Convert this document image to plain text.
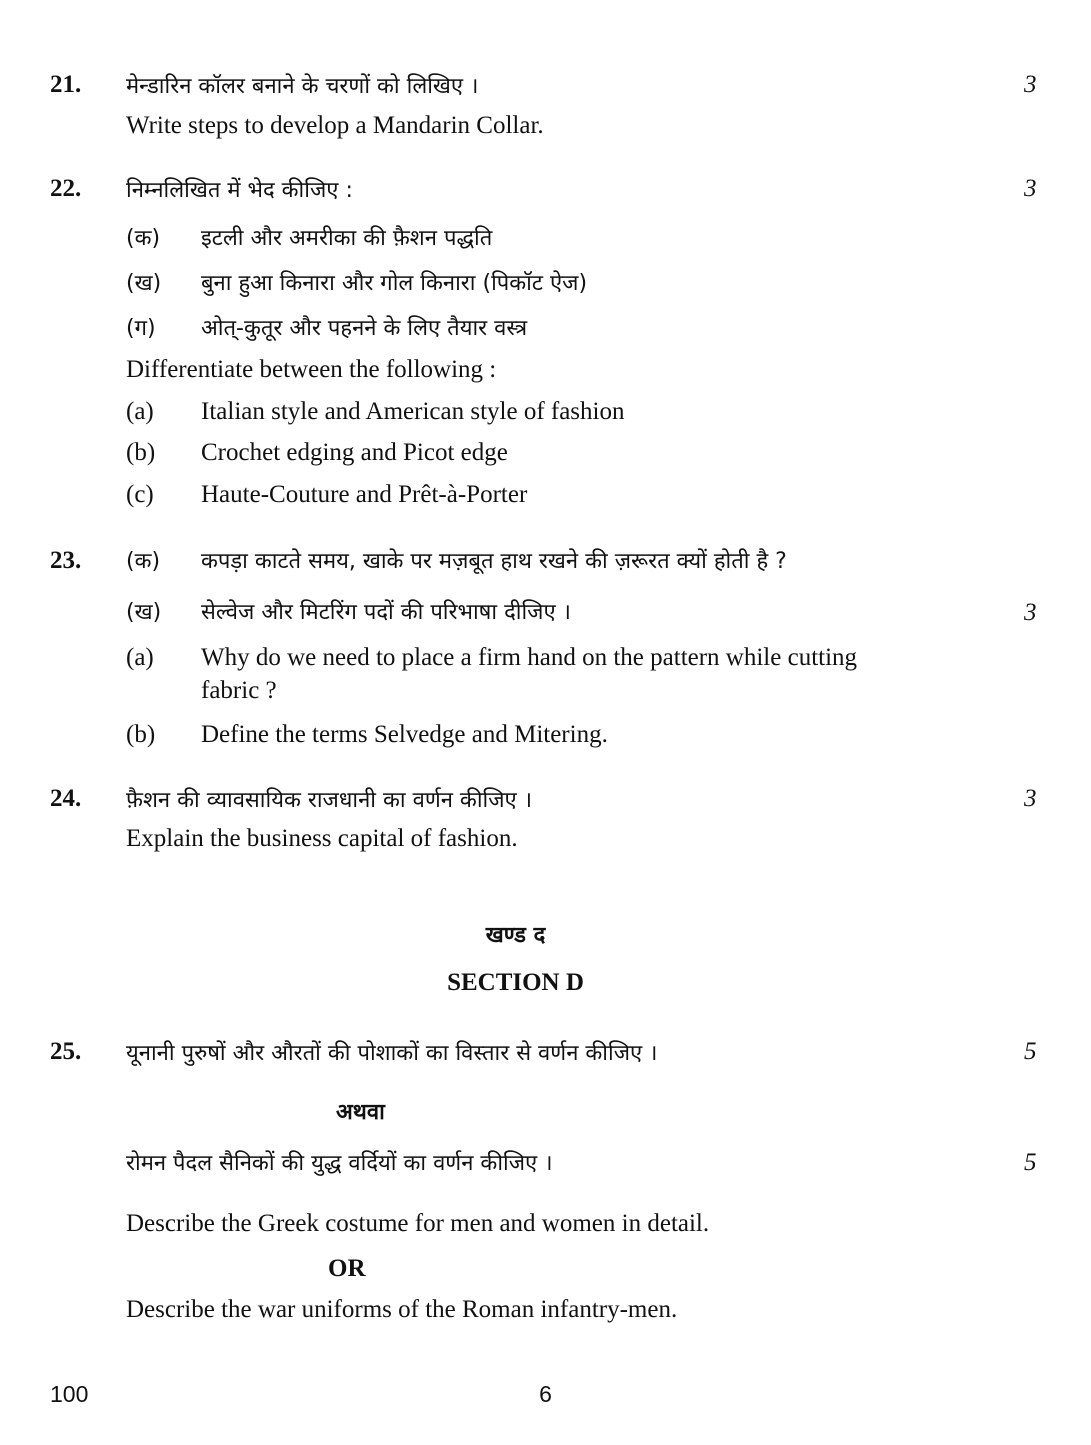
21. मेन्डारिन कॉलर बनाने के चरणों को लिखिए ।	3
Write steps to develop a Mandarin Collar.
22. निम्नलिखित में भेद कीजिए :	3
(क) इटली और अमरीका की फ़ैशन पद्धति
(ख) बुना हुआ किनारा और गोल किनारा (पिकॉट ऐज)
(ग) ओत्-कुतूर और पहनने के लिए तैयार वस्त्र
Differentiate between the following :
(a) Italian style and American style of fashion
(b) Crochet edging and Picot edge
(c) Haute-Couture and Prêt-à-Porter
23. (क) कपड़ा काटते समय, खाके पर मज़बूत हाथ रखने की ज़रूरत क्यों होती है ?
(ख) सेल्वेज और मिटरिंग पदों की परिभाषा दीजिए ।	3
(a) Why do we need to place a firm hand on the pattern while cutting
fabric ?
(b) Define the terms Selvedge and Mitering.
24. फ़ैशन की व्यावसायिक राजधानी का वर्णन कीजिए ।	3
Explain the business capital of fashion.
खण्ड द
SECTION D
25. यूनानी पुरुषों और औरतों की पोशाकों का विस्तार से वर्णन कीजिए ।	5
अथवा
रोमन पैदल सैनिकों की युद्ध वर्दियों का वर्णन कीजिए ।	5
Describe the Greek costume for men and women in detail.
OR
Describe the war uniforms of the Roman infantry-men.
100	6
